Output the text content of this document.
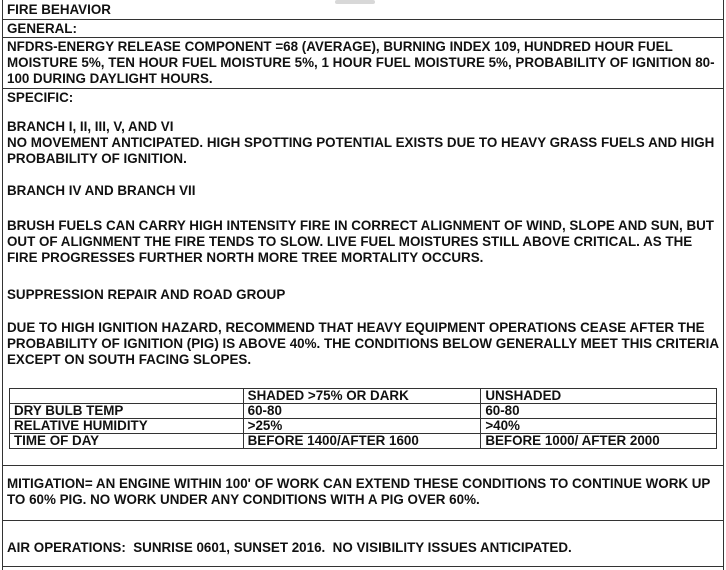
FIRE BEHAVIOR
GENERAL:
NFDRS-ENERGY RELEASE COMPONENT =68 (AVERAGE), BURNING INDEX 109, HUNDRED HOUR FUEL MOISTURE 5%, TEN HOUR FUEL MOISTURE 5%, 1 HOUR FUEL MOISTURE 5%, PROBABILITY OF IGNITION 80-100 DURING DAYLIGHT HOURS.
SPECIFIC:
BRANCH I, II, III, V, AND VI
NO MOVEMENT ANTICIPATED. HIGH SPOTTING POTENTIAL EXISTS DUE TO HEAVY GRASS FUELS AND HIGH PROBABILITY OF IGNITION.
BRANCH IV AND BRANCH VII
BRUSH FUELS CAN CARRY HIGH INTENSITY FIRE IN CORRECT ALIGNMENT OF WIND, SLOPE AND SUN, BUT OUT OF ALIGNMENT THE FIRE TENDS TO SLOW. LIVE FUEL MOISTURES STILL ABOVE CRITICAL. AS THE FIRE PROGRESSES FURTHER NORTH MORE TREE MORTALITY OCCURS.
SUPPRESSION REPAIR AND ROAD GROUP
DUE TO HIGH IGNITION HAZARD, RECOMMEND THAT HEAVY EQUIPMENT OPERATIONS CEASE AFTER THE PROBABILITY OF IGNITION (PIG) IS ABOVE 40%. THE CONDITIONS BELOW GENERALLY MEET THIS CRITERIA EXCEPT ON SOUTH FACING SLOPES.
	SHADED >75% OR DARK	UNSHADED
DRY BULB TEMP	60-80	60-80
RELATIVE HUMIDITY	>25%	>40%
TIME OF DAY	BEFORE 1400/AFTER 1600	BEFORE 1000/ AFTER 2000
MITIGATION= AN ENGINE WITHIN 100' OF WORK CAN EXTEND THESE CONDITIONS TO CONTINUE WORK UP TO 60% PIG. NO WORK UNDER ANY CONDITIONS WITH A PIG OVER 60%.
AIR OPERATIONS:  SUNRISE 0601, SUNSET 2016.  NO VISIBILITY ISSUES ANTICIPATED.
